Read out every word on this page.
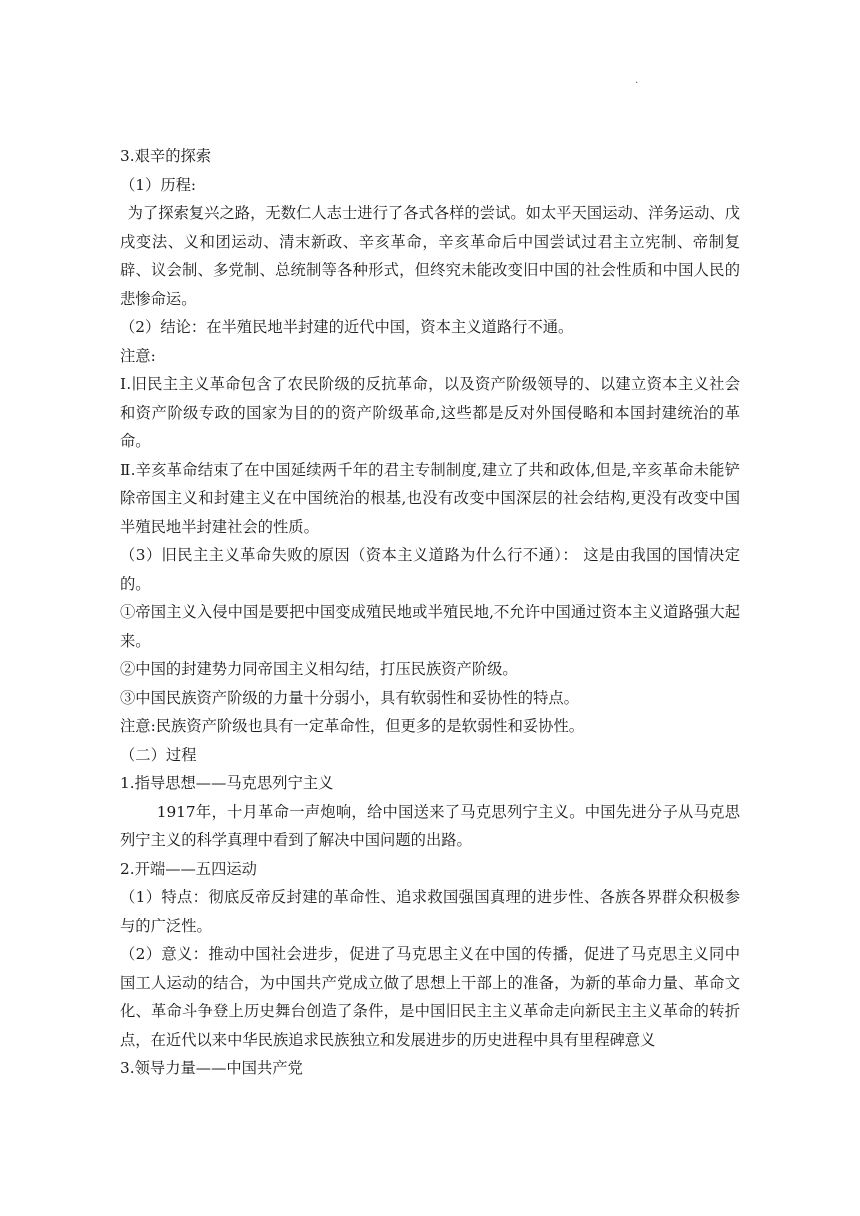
.

3.艰辛的探索

（1）历程:

为了探索复兴之路，无数仁人志士进行了各式各样的尝试。如太平天国运动、洋务运动、戊戌变法、义和团运动、清末新政、辛亥革命，辛亥革命后中国尝试过君主立宪制、帝制复辟、议会制、多党制、总统制等各种形式，但终究未能改变旧中国的社会性质和中国人民的悲惨命运。

（2）结论：在半殖民地半封建的近代中国，资本主义道路行不通。

注意:

Ⅰ.旧民主主义革命包含了农民阶级的反抗革命，以及资产阶级领导的、以建立资本主义社会和资产阶级专政的国家为目的的资产阶级革命,这些都是反对外国侵略和本国封建统治的革命。

Ⅱ.辛亥革命结束了在中国延续两千年的君主专制制度,建立了共和政体,但是,辛亥革命未能铲除帝国主义和封建主义在中国统治的根基,也没有改变中国深层的社会结构,更没有改变中国半殖民地半封建社会的性质。

（3）旧民主主义革命失败的原因（资本主义道路为什么行不通）： 这是由我国的国情决定的。

①帝国主义入侵中国是要把中国变成殖民地或半殖民地,不允许中国通过资本主义道路强大起来。

②中国的封建势力同帝国主义相勾结，打压民族资产阶级。

③中国民族资产阶级的力量十分弱小，具有软弱性和妥协性的特点。

注意:民族资产阶级也具有一定革命性，但更多的是软弱性和妥协性。

（二）过程

1.指导思想——马克思列宁主义

1917年，十月革命一声炮响，给中国送来了马克思列宁主义。中国先进分子从马克思列宁主义的科学真理中看到了解决中国问题的出路。

2.开端——五四运动

（1）特点：彻底反帝反封建的革命性、追求救国强国真理的进步性、各族各界群众积极参与的广泛性。

（2）意义：推动中国社会进步，促进了马克思主义在中国的传播，促进了马克思主义同中国工人运动的结合，为中国共产党成立做了思想上干部上的准备，为新的革命力量、革命文化、革命斗争登上历史舞台创造了条件，是中国旧民主主义革命走向新民主主义革命的转折点，在近代以来中华民族追求民族独立和发展进步的历史进程中具有里程碑意义

3.领导力量——中国共产党
